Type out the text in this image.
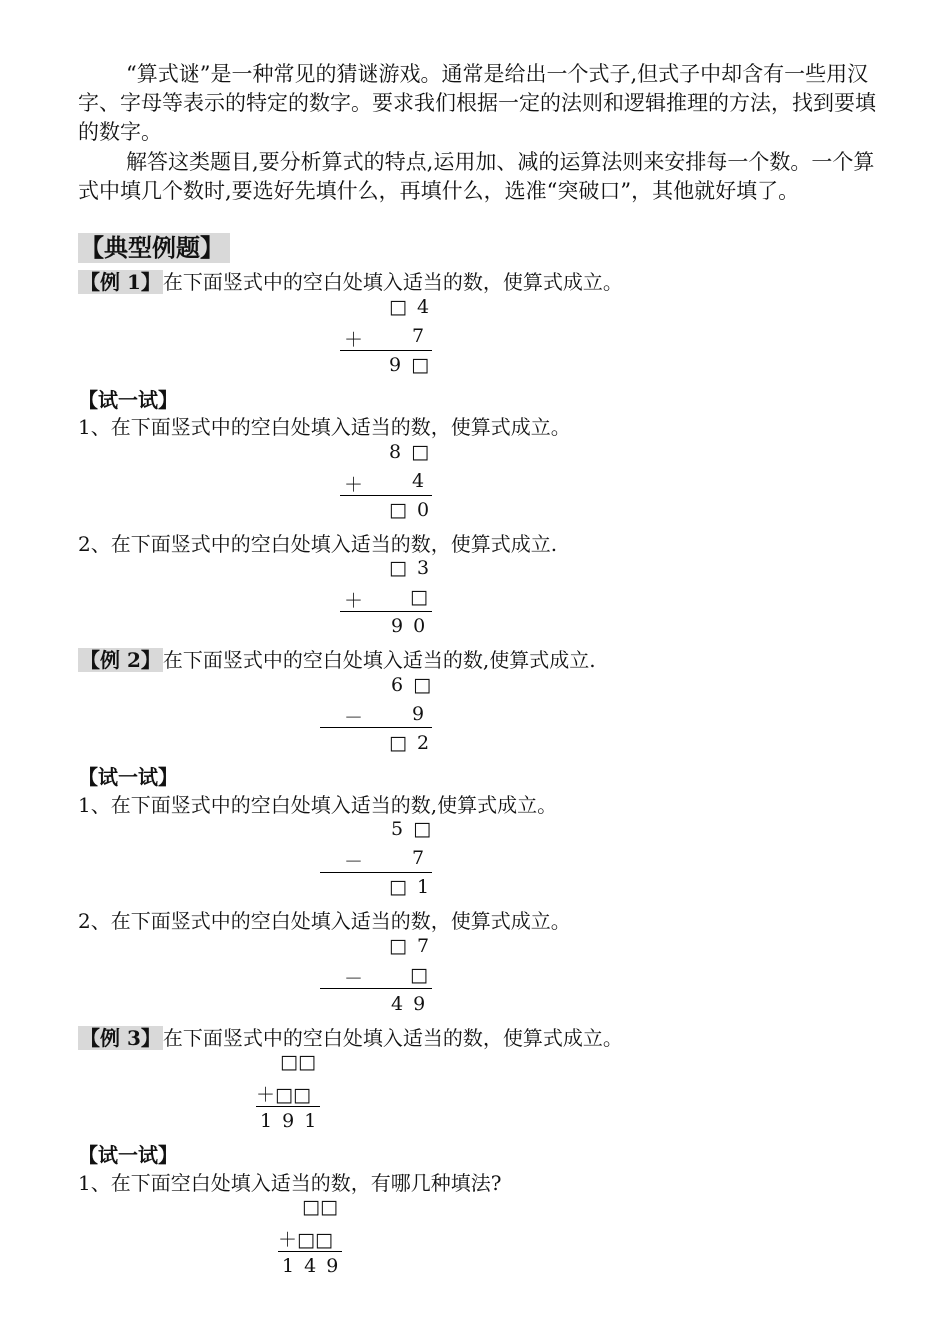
“算式谜”是一种常见的猜谜游戏。通常是给出一个式子,但式子中却含有一些用汉字、字母等表示的特定的数字。要求我们根据一定的法则和逻辑推理的方法，找到要填的数字。
解答这类题目,要分析算式的特点,运用加、减的运算法则来安排每一个数。一个算式中填几个数时,要选好先填什么，再填什么，选准“突破口”，其他就好填了。
【典型例题】
【例 1】 在下面竖式中的空白处填入适当的数，使算式成立。
□ 4
＋ 7
9 □
【试一试】
1、在下面竖式中的空白处填入适当的数，使算式成立。
8 □
＋ 4
□ 0
2、在下面竖式中的空白处填入适当的数，使算式成立.
□ 3
＋ □
9 0
【例 2】 在下面竖式中的空白处填入适当的数,使算式成立.
6 □
－ 9
□ 2
【试一试】
1、在下面竖式中的空白处填入适当的数,使算式成立。
5 □
－ 7
□ 1
2、在下面竖式中的空白处填入适当的数，使算式成立。
□ 7
－ □
4 9
【例 3】 在下面竖式中的空白处填入适当的数，使算式成立。
□□
＋□□
1 9 1
【试一试】
1、在下面空白处填入适当的数，有哪几种填法?
□□
＋□□
1 4 9
